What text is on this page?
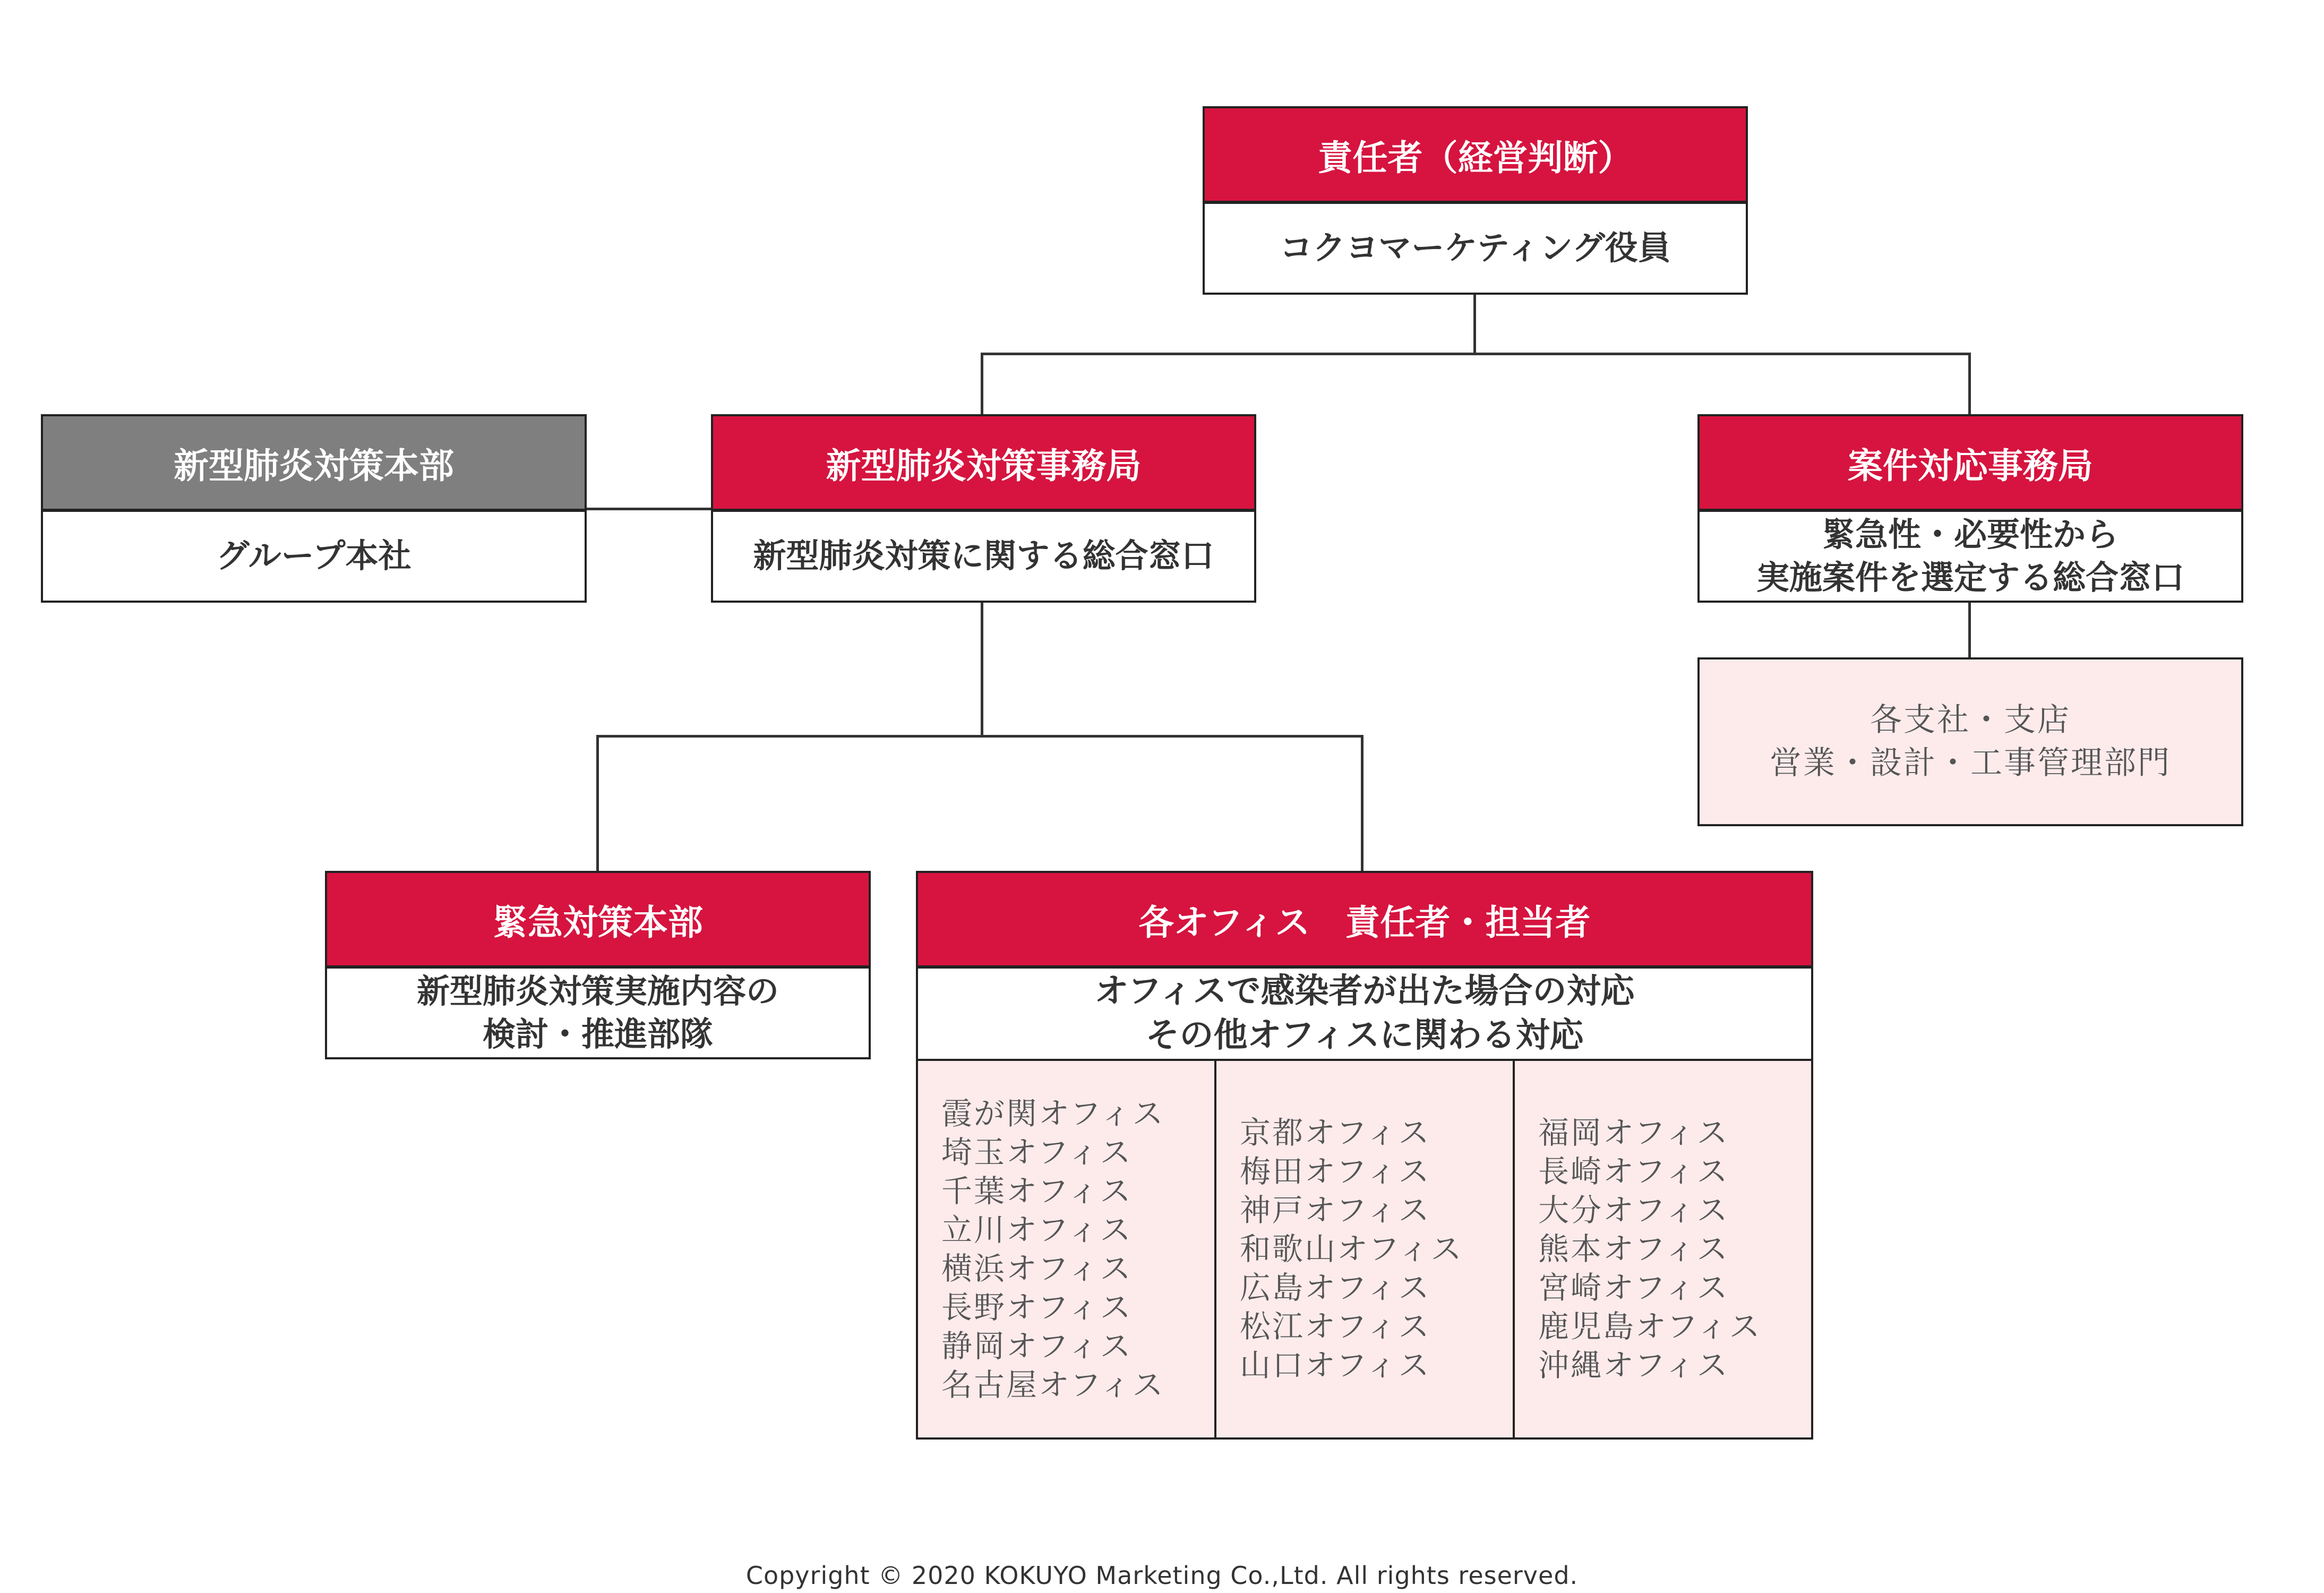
責任者（経営判断）
コクヨマーケティング役員
新型肺炎対策本部
グループ本社
新型肺炎対策事務局
新型肺炎対策に関する総合窓口
案件対応事務局
緊急性・必要性から
実施案件を選定する総合窓口
各支社・支店
営業・設計・工事管理部門
緊急対策本部
新型肺炎対策実施内容の
検討・推進部隊
各オフィス　責任者・担当者
オフィスで感染者が出た場合の対応
その他オフィスに関わる対応
霞が関オフィス
埼玉オフィス
千葉オフィス
立川オフィス
横浜オフィス
長野オフィス
静岡オフィス
名古屋オフィス
京都オフィス
梅田オフィス
神戸オフィス
和歌山オフィス
広島オフィス
松江オフィス
山口オフィス
福岡オフィス
長崎オフィス
大分オフィス
熊本オフィス
宮崎オフィス
鹿児島オフィス
沖縄オフィス
Copyright © 2020 KOKUYO Marketing Co.,Ltd. All rights reserved.
